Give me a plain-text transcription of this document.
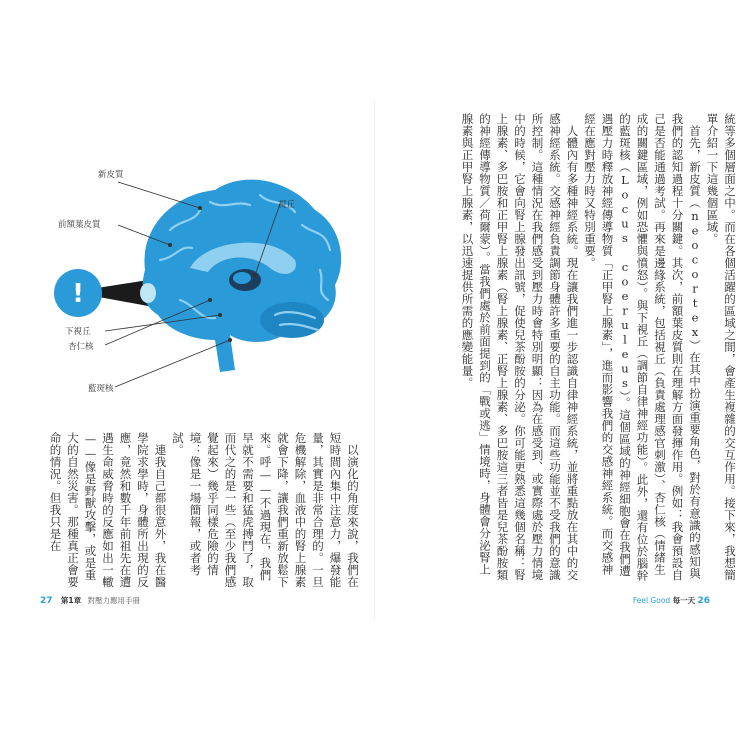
統等多個層面之中。而在各個活躍的區域之間，會產生複雜的交互作用。接下來，我想簡單介紹一下這幾個區域。

首先，新皮質（neocortex）在其中扮演重要角色，對於有意識的感知與我們的認知過程十分關鍵。其次，前額葉皮質則在理解方面發揮作用。例如：我會預設自己是否能通過考試。再來是邊緣系統，包括視丘（負責處理感官刺激）、杏仁核（情緒生成的關鍵區域，例如恐懼與憤怒）。與下視丘（調節自律神經功能）。此外，還有位於腦幹的藍斑核（Locus coeruleus）。這個區域的神經細胞會在我們遭遇壓力時釋放神經傳導物質「正甲腎上腺素」，進而影響我們的交感神經系統。而交感神經在應對壓力時又特別重要。

人體內有多種神經系統。現在讓我們進一步認識自律神經系統，並將重點放在其中的交感神經系統。交感神經負責調節身體許多重要的自主功能。而這些功能並不受我們的意識所控制。這種情況在我們感受到壓力時會特別明顯：因為在感受到、或實際處於壓力情境中的時候，它會向腎上腺發出訊號，促使兒茶酚胺的分泌。你可能更熟悉這幾個名稱：腎上腺素、多巴胺和正甲腎上腺素（腎上腺素、正腎上腺素、多巴胺這三者皆是兒茶酚胺類的神經傳導物質／荷爾蒙）。當我們處於前面提到的「戰或逃」情境時，身體會分泌腎上腺素與正甲腎上腺素，以迅速提供所需的應變能量。

Feel Good 每一天 26
!
新皮質
前額葉皮質
視丘
下視丘
杏仁核
藍斑核

以演化的角度來說，我們在短時間內集中注意力，爆發能量，其實是非常合理的。一旦危機解除，血液中的腎上腺素就會下降，讓我們重新放鬆下來。呼——不過現在，我們早就不需要和猛虎搏鬥了，取而代之的是一些（至少我們感覺起來）幾乎同樣危險的情境：像是一場簡報，或者考試。

連我自己都很意外，我在醫學院求學時，身體所出現的反應，竟然和數千年前祖先在遭遇生命威脅時的反應如出一轍——像是野獸攻擊，或是重大的自然災害。那種真正會要命的情況。但我只是在

27 第1章 對壓力應用手冊
